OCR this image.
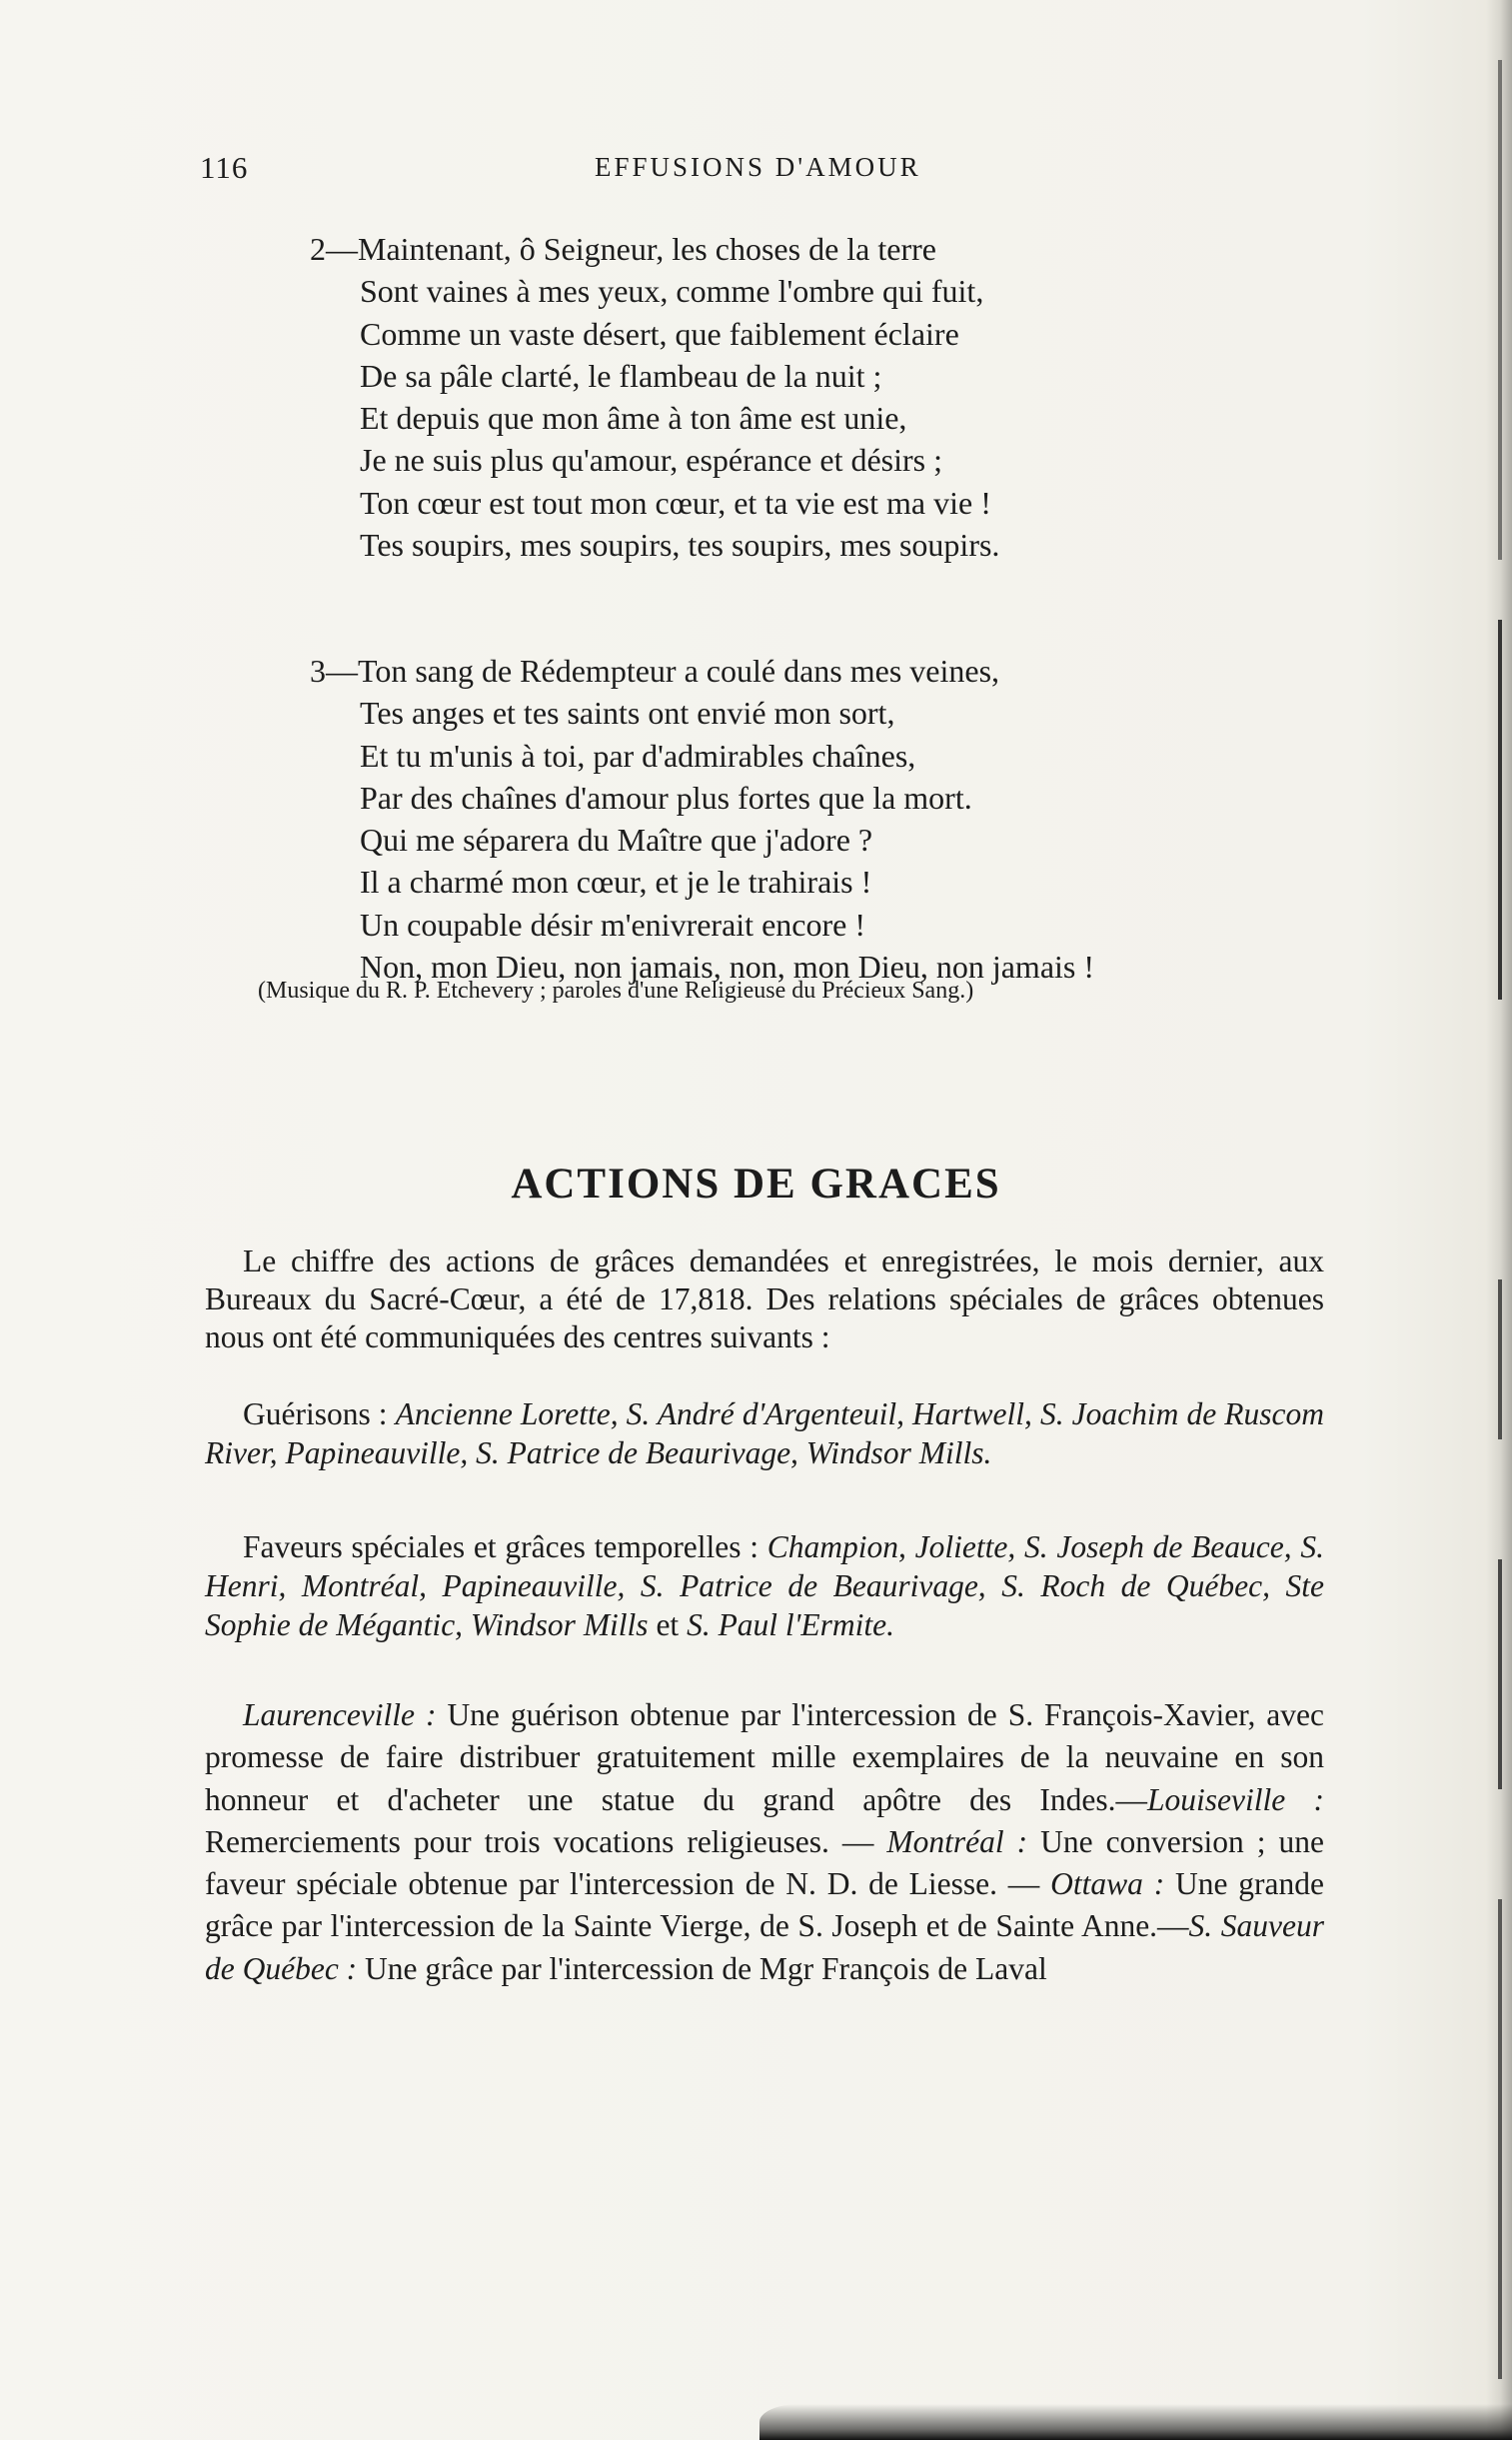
116	EFFUSIONS D'AMOUR
2—Maintenant, ô Seigneur, les choses de la terre
Sont vaines à mes yeux, comme l'ombre qui fuit,
Comme un vaste désert, que faiblement éclaire
De sa pâle clarté, le flambeau de la nuit ;
Et depuis que mon âme à ton âme est unie,
Je ne suis plus qu'amour, espérance et désirs ;
Ton cœur est tout mon cœur, et ta vie est ma vie !
Tes soupirs, mes soupirs, tes soupirs, mes soupirs.
3—Ton sang de Rédempteur a coulé dans mes veines,
Tes anges et tes saints ont envié mon sort,
Et tu m'unis à toi, par d'admirables chaînes,
Par des chaînes d'amour plus fortes que la mort.
Qui me séparera du Maître que j'adore ?
Il a charmé mon cœur, et je le trahirais !
Un coupable désir m'enivrerait encore !
Non, mon Dieu, non jamais, non, mon Dieu, non jamais !
(Musique du R. P. Etchevery ; paroles d'une Religieuse du Précieux Sang.)
ACTIONS DE GRACES

Le chiffre des actions de grâces demandées et enregistrées, le mois dernier, aux Bureaux du Sacré-Cœur, a été de 17,818. Des relations spéciales de grâces obtenues nous ont été communiquées des centres suivants :

Guérisons : Ancienne Lorette, S. André d'Argenteuil, Hartwell, S. Joachim de Ruscom River, Papineauville, S. Patrice de Beaurivage, Windsor Mills.

Faveurs spéciales et grâces temporelles : Champion, Joliette, S. Joseph de Beauce, S. Henri, Montréal, Papineauville, S. Patrice de Beaurivage, S. Roch de Québec, Ste Sophie de Mégantic, Windsor Mills et S. Paul l'Ermite.

Laurenceville : Une guérison obtenue par l'intercession de S. François-Xavier, avec promesse de faire distribuer gratuitement mille exemplaires de la neuvaine en son honneur et d'acheter une statue du grand apôtre des Indes.—Louiseville : Remerciements pour trois vocations religieuses. — Montréal : Une conversion ; une faveur spéciale obtenue par l'intercession de N. D. de Liesse. — Ottawa : Une grande grâce par l'intercession de la Sainte Vierge, de S. Joseph et de Sainte Anne.—S. Sauveur de Québec : Une grâce par l'intercession de Mgr François de Laval
